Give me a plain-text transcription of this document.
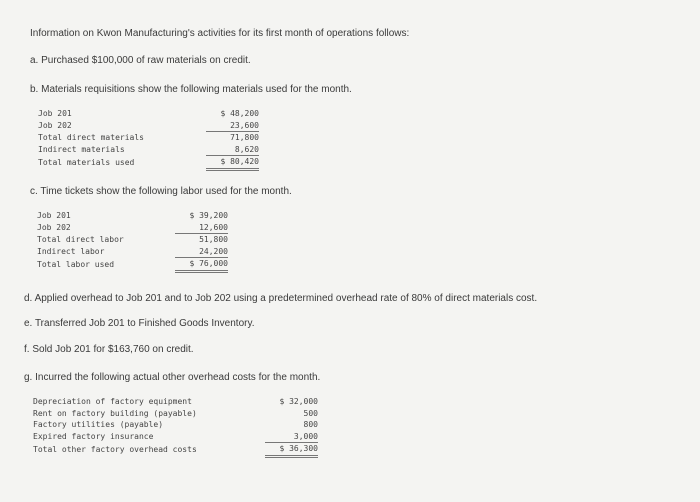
Information on Kwon Manufacturing's activities for its first month of operations follows:
a. Purchased $100,000 of raw materials on credit.
b. Materials requisitions show the following materials used for the month.
Job 201	$ 48,200
Job 202	23,600
Total direct materials	71,800
Indirect materials	8,620
Total materials used	$ 80,420
c. Time tickets show the following labor used for the month.
Job 201	$ 39,200
Job 202	12,600
Total direct labor	51,800
Indirect labor	24,200
Total labor used	$ 76,000
d. Applied overhead to Job 201 and to Job 202 using a predetermined overhead rate of 80% of direct materials cost.
e. Transferred Job 201 to Finished Goods Inventory.
f. Sold Job 201 for $163,760 on credit.
g. Incurred the following actual other overhead costs for the month.
Depreciation of factory equipment	$ 32,000
Rent on factory building (payable)	500
Factory utilities (payable)	800
Expired factory insurance	3,000
Total other factory overhead costs	$ 36,300
